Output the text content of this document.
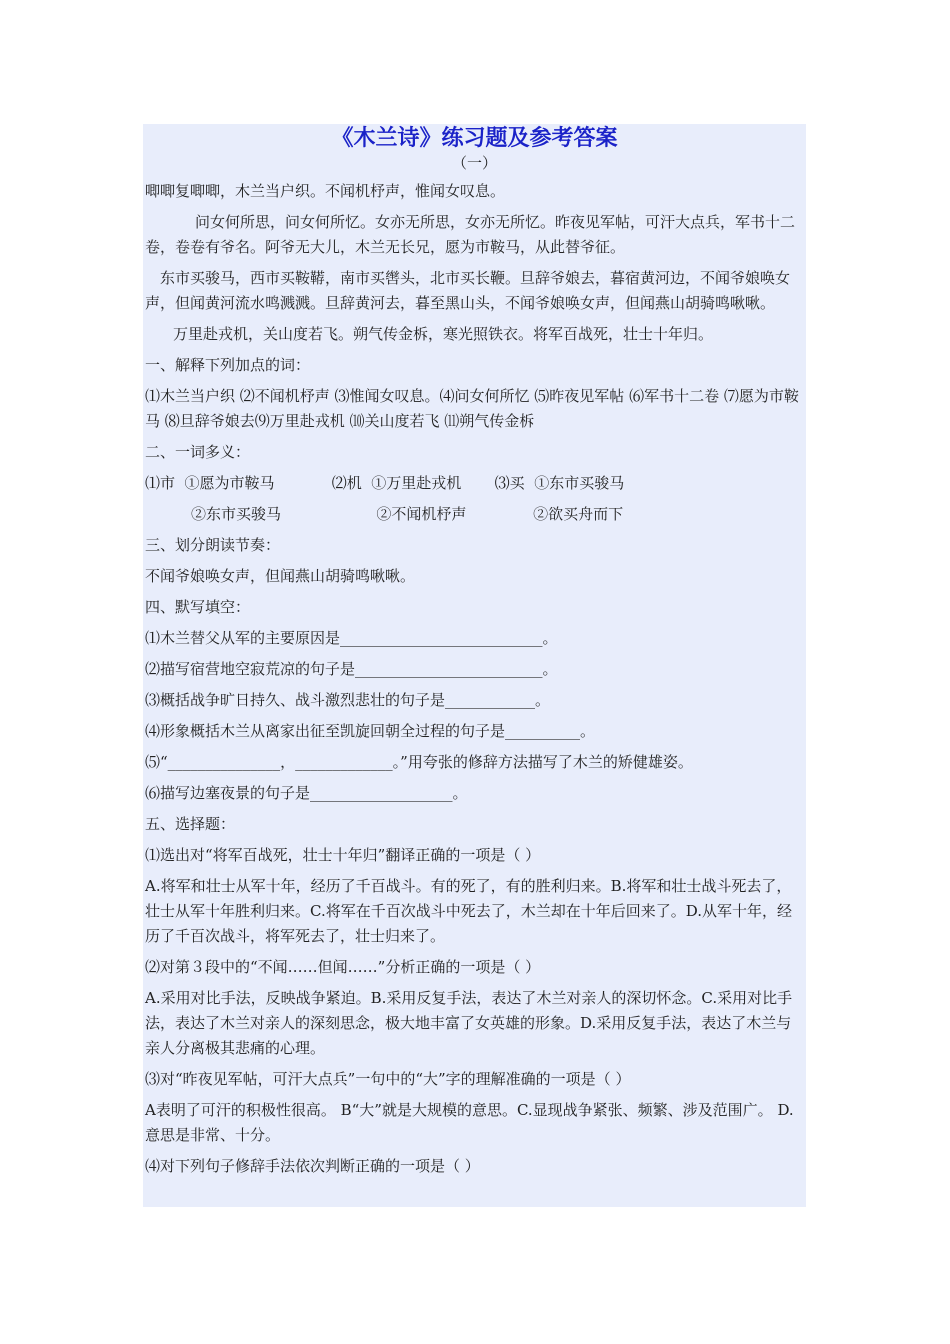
《木兰诗》练习题及参考答案

（一）

唧唧复唧唧，木兰当户织。不闻机杼声，惟闻女叹息。

问女何所思，问女何所忆。女亦无所思，女亦无所忆。昨夜见军帖，可汗大点兵，军书十二卷，卷卷有爷名。阿爷无大儿，木兰无长兄，愿为市鞍马，从此替爷征。

东市买骏马，西市买鞍鞯，南市买辔头，北市买长鞭。旦辞爷娘去，暮宿黄河边，不闻爷娘唤女声，但闻黄河流水鸣溅溅。旦辞黄河去，暮至黑山头，不闻爷娘唤女声，但闻燕山胡骑鸣啾啾。

万里赴戎机，关山度若飞。朔气传金柝，寒光照铁衣。将军百战死，壮士十年归。

一、解释下列加点的词：

⑴木兰当户织 ⑵不闻机杼声 ⑶惟闻女叹息。⑷问女何所忆 ⑸昨夜见军帖 ⑹军书十二卷 ⑺愿为市鞍马 ⑻旦辞爷娘去⑼万里赴戎机 ⑽关山度若飞 ⑾朔气传金柝

二、一词多义：

⑴市  ①愿为市鞍马            ⑵机  ①万里赴戎机       ⑶买  ①东市买骏马

②东市买骏马                    ②不闻机杼声              ②欲买舟而下

三、划分朗读节奏：

不闻爷娘唤女声，但闻燕山胡骑鸣啾啾。

四、默写填空：

⑴木兰替父从军的主要原因是___________________________。

⑵描写宿营地空寂荒凉的句子是_________________________。

⑶概括战争旷日持久、战斗激烈悲壮的句子是____________。

⑷形象概括木兰从离家出征至凯旋回朝全过程的句子是__________。

⑸“_______________，_____________。”用夸张的修辞方法描写了木兰的矫健雄姿。

⑹描写边塞夜景的句子是___________________。

五、选择题：

⑴选出对“将军百战死，壮士十年归”翻译正确的一项是（ ）

A.将军和壮士从军十年，经历了千百战斗。有的死了，有的胜利归来。B.将军和壮士战斗死去了，壮士从军十年胜利归来。C.将军在千百次战斗中死去了，木兰却在十年后回来了。D.从军十年，经历了千百次战斗，将军死去了，壮士归来了。

⑵对第３段中的“不闻……但闻……”分析正确的一项是（ ）

A.采用对比手法，反映战争紧迫。B.采用反复手法，表达了木兰对亲人的深切怀念。C.采用对比手法，表达了木兰对亲人的深刻思念，极大地丰富了女英雄的形象。D.采用反复手法，表达了木兰与亲人分离极其悲痛的心理。

⑶对“昨夜见军帖，可汗大点兵”一句中的“大”字的理解准确的一项是（ ）

A表明了可汗的积极性很高。 B“大”就是大规模的意思。C.显现战争紧张、频繁、涉及范围广。 D.意思是非常、十分。

⑷对下列句子修辞手法依次判断正确的一项是（ ）
